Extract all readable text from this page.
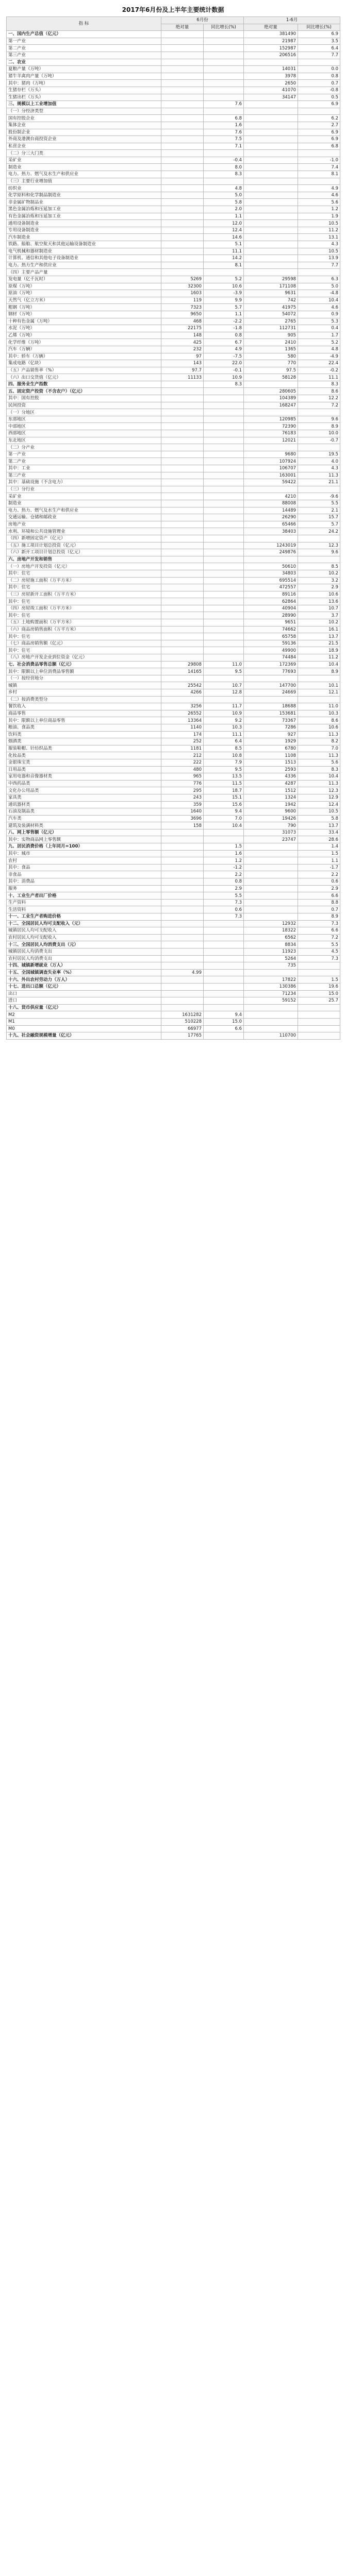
2017年6月份及上半年主要统计数据
指 标	6月份		1-6月	
	绝对量	同比增长(%)	绝对量	同比增长(%)
一、国内生产总值（亿元）			381490	6.9
第一产业			21987	3.5
第二产业			152987	6.4
第三产业			206516	7.7
二、农业				
夏粮产量（万吨）			14031	0.0
猪牛羊禽肉产量（万吨）			3978	0.8
其中：猪肉（万吨）			2650	0.7
生猪存栏（万头）			41070	-0.8
生猪出栏（万头）			34147	0.5
三、规模以上工业增加值		7.6		6.9
（一）分经济类型				
国有控股企业		6.8		6.2
集体企业		1.6		2.7
股份制企业		7.6		6.9
外商及港澳台商投资企业		7.5		6.9
私营企业		7.1		6.8
（二）分三大门类				
采矿业		-0.4		-1.0
制造业		8.0		7.4
电力、热力、燃气及水生产和供应业		8.3		8.1
（三）主要行业增加值				
纺织业		4.8		4.9
化学原料和化学制品制造业		5.0		4.6
非金属矿物制品业		5.8		5.6
黑色金属冶炼和压延加工业		2.0		1.2
有色金属冶炼和压延加工业		1.1		1.9
通用设备制造业		12.0		10.5
专用设备制造业		12.4		11.2
汽车制造业		14.6		13.1
铁路、船舶、航空航天和其他运输设备制造业		5.1		4.3
电气机械和器材制造业		11.1		10.5
计算机、通信和其他电子设备制造业		14.2		13.9
电力、热力生产和供应业		8.1		7.7
（四）主要产品产量				
发电量（亿千瓦时）	5269	5.2	29598	6.3
原煤（万吨）	32300	10.6	171108	5.0
原油（万吨）	1603	-3.9	9631	-4.8
天然气（亿立方米）	119	9.9	742	10.4
粗钢（万吨）	7323	5.7	41975	4.6
钢材（万吨）	9650	1.1	54072	0.9
十种有色金属（万吨）	468	-2.2	2765	5.3
水泥（万吨）	22175	-1.8	112731	0.4
乙烯（万吨）	148	0.8	905	1.7
化学纤维（万吨）	425	6.7	2410	5.2
汽车（万辆）	232	4.9	1365	4.8
其中：轿车（万辆）	97	-7.5	580	-4.9
集成电路（亿块）	143	22.0	770	22.4
（五）产品销售率（%）	97.7	-0.1	97.5	-0.2
（六）出口交货值（亿元）	11133	10.9	58128	11.1
四、服务业生产指数		8.3		8.3
五、固定资产投资（不含农户）（亿元）			280605	8.6
其中：国有控股			104389	12.2
民间投资			168247	7.2
（一）分地区				
东部地区			120985	9.6
中部地区			72390	8.9
西部地区			76183	10.0
东北地区			12021	-0.7
（二）分产业				
第一产业			9680	19.5
第二产业			107924	4.0
其中：工业			106707	4.3
第三产业			163001	11.3
其中：基础设施（不含电力）			59422	21.1
（三）分行业				
采矿业			4210	-9.6
制造业			88008	5.5
电力、热力、燃气及水生产和供应业			14489	2.1
交通运输、仓储和邮政业			26290	15.7
房地产业			65466	5.7
水利、环境和公共设施管理业			38403	24.2
（四）新增固定资产（亿元）				
（五）施工项目计划总投资（亿元）			1243019	12.3
（六）新开工项目计划总投资（亿元）			249876	9.6
六、房地产开发和销售				
（一）房地产开发投资（亿元）			50610	8.5
其中：住宅			34803	10.2
（二）房屋施工面积（万平方米）			695514	3.2
其中：住宅			472557	2.9
（三）房屋新开工面积（万平方米）			89116	10.6
其中：住宅			62864	13.6
（四）房屋竣工面积（万平方米）			40904	10.7
其中：住宅			28990	3.7
（五）土地购置面积（万平方米）			9651	10.2
（六）商品房销售面积（万平方米）			74662	16.1
其中：住宅			65758	13.7
（七）商品房销售额（亿元）			59136	21.5
其中：住宅			49900	18.9
（八）房地产开发企业到位资金（亿元）			74484	11.2
七、社会消费品零售总额（亿元）	29808	11.0	172369	10.4
其中：限额以上单位消费品零售额	14165	9.5	77693	8.9
（一）按经营地分				
城镇	25542	10.7	147700	10.1
乡村	4266	12.8	24669	12.1
（二）按消费类型分				
餐饮收入	3256	11.7	18688	11.0
商品零售	26552	10.9	153681	10.3
其中：限额以上单位商品零售	13364	9.2	73367	8.6
粮油、食品类	1140	10.3	7286	10.6
饮料类	174	11.1	927	11.3
烟酒类	252	6.4	1929	8.2
服装鞋帽、针纺织品类	1181	8.5	6780	7.0
化妆品类	212	10.8	1108	11.3
金银珠宝类	222	7.9	1513	5.6
日用品类	480	9.5	2593	8.3
家用电器和音像器材类	965	13.5	4336	10.4
中西药品类	776	11.5	4287	11.3
文化办公用品类	295	18.7	1512	12.3
家具类	243	15.1	1324	12.9
通讯器材类	359	15.6	1942	12.4
石油及制品类	1640	9.4	9600	10.5
汽车类	3696	7.0	19426	5.8
建筑及装潢材料类	158	10.4	790	13.7
八、网上零售额（亿元）			31073	33.4
其中：实物商品网上零售额			23747	28.6
九、居民消费价格（上年同月=100）		1.5		1.4
其中：城市		1.6		1.5
农村		1.2		1.1
其中：食品		-1.2		-1.7
非食品		2.2		2.2
其中：消费品		0.8		0.6
服务		2.9		2.9
十、工业生产者出厂价格		5.5		6.6
生产资料		7.3		8.8
生活资料		0.6		0.7
十一、工业生产者购进价格		7.3		8.9
十二、全国居民人均可支配收入（元）			12932	7.3
城镇居民人均可支配收入			18322	6.6
农村居民人均可支配收入			6562	7.2
十三、全国居民人均消费支出（元）			8834	5.5
城镇居民人均消费支出			11923	4.5
农村居民人均消费支出			5264	7.3
十四、城镇新增就业（万人）			735	
十五、全国城镇调查失业率（%）	4.99			
十六、外出农村劳动力（万人）			17822	1.5
十七、进出口总额（亿元）			130386	19.6
出口			71234	15.0
进口			59152	25.7
十八、货币供应量（亿元）				
M2	1631282	9.4		
M1	510228	15.0		
M0	66977	6.6		
十九、社会融资规模增量（亿元）	17765		110700	
